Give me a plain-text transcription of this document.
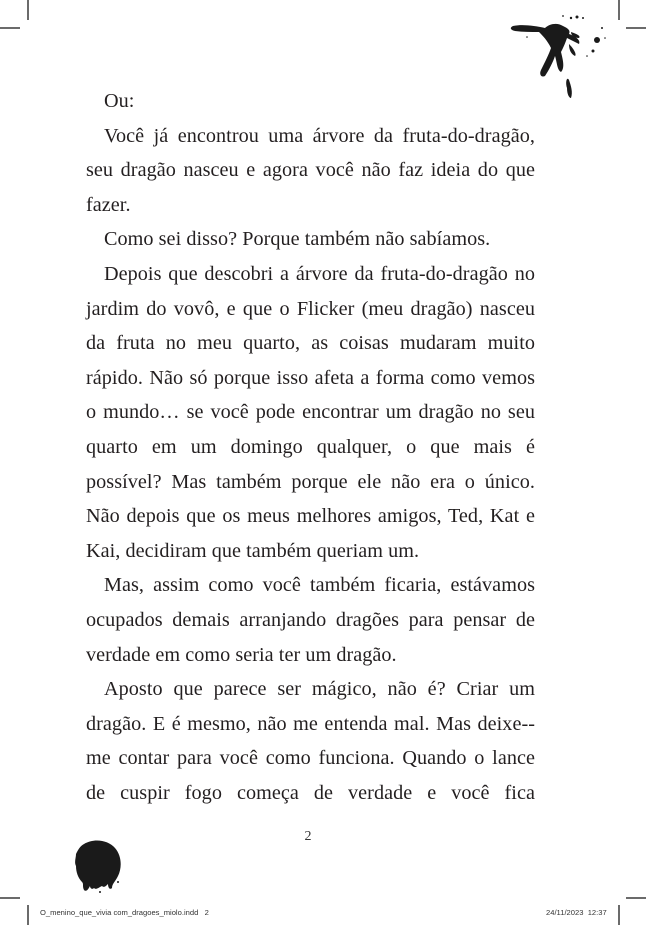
Ou:

Você já encontrou uma árvore da fruta-do-dragão, seu dragão nasceu e agora você não faz ideia do que fazer.

Como sei disso? Porque também não sabíamos.

Depois que descobri a árvore da fruta-do-dragão no jardim do vovô, e que o Flicker (meu dragão) nasceu da fruta no meu quarto, as coisas mudaram muito rápido. Não só porque isso afeta a forma como vemos o mundo… se você pode encontrar um dragão no seu quarto em um domingo qualquer, o que mais é possível? Mas também porque ele não era o único. Não depois que os meus melhores amigos, Ted, Kat e Kai, decidiram que também queriam um.

Mas, assim como você também ficaria, estávamos ocupados demais arranjando dragões para pensar de verdade em como seria ter um dragão.

Aposto que parece ser mágico, não é? Criar um dragão. E é mesmo, não me entenda mal. Mas deixe--me contar para você como funciona. Quando o lance de cuspir fogo começa de verdade e você fica

2
O_menino_que_vivia com_dragoes_miolo.indd   2	24/11/2023 12:37
